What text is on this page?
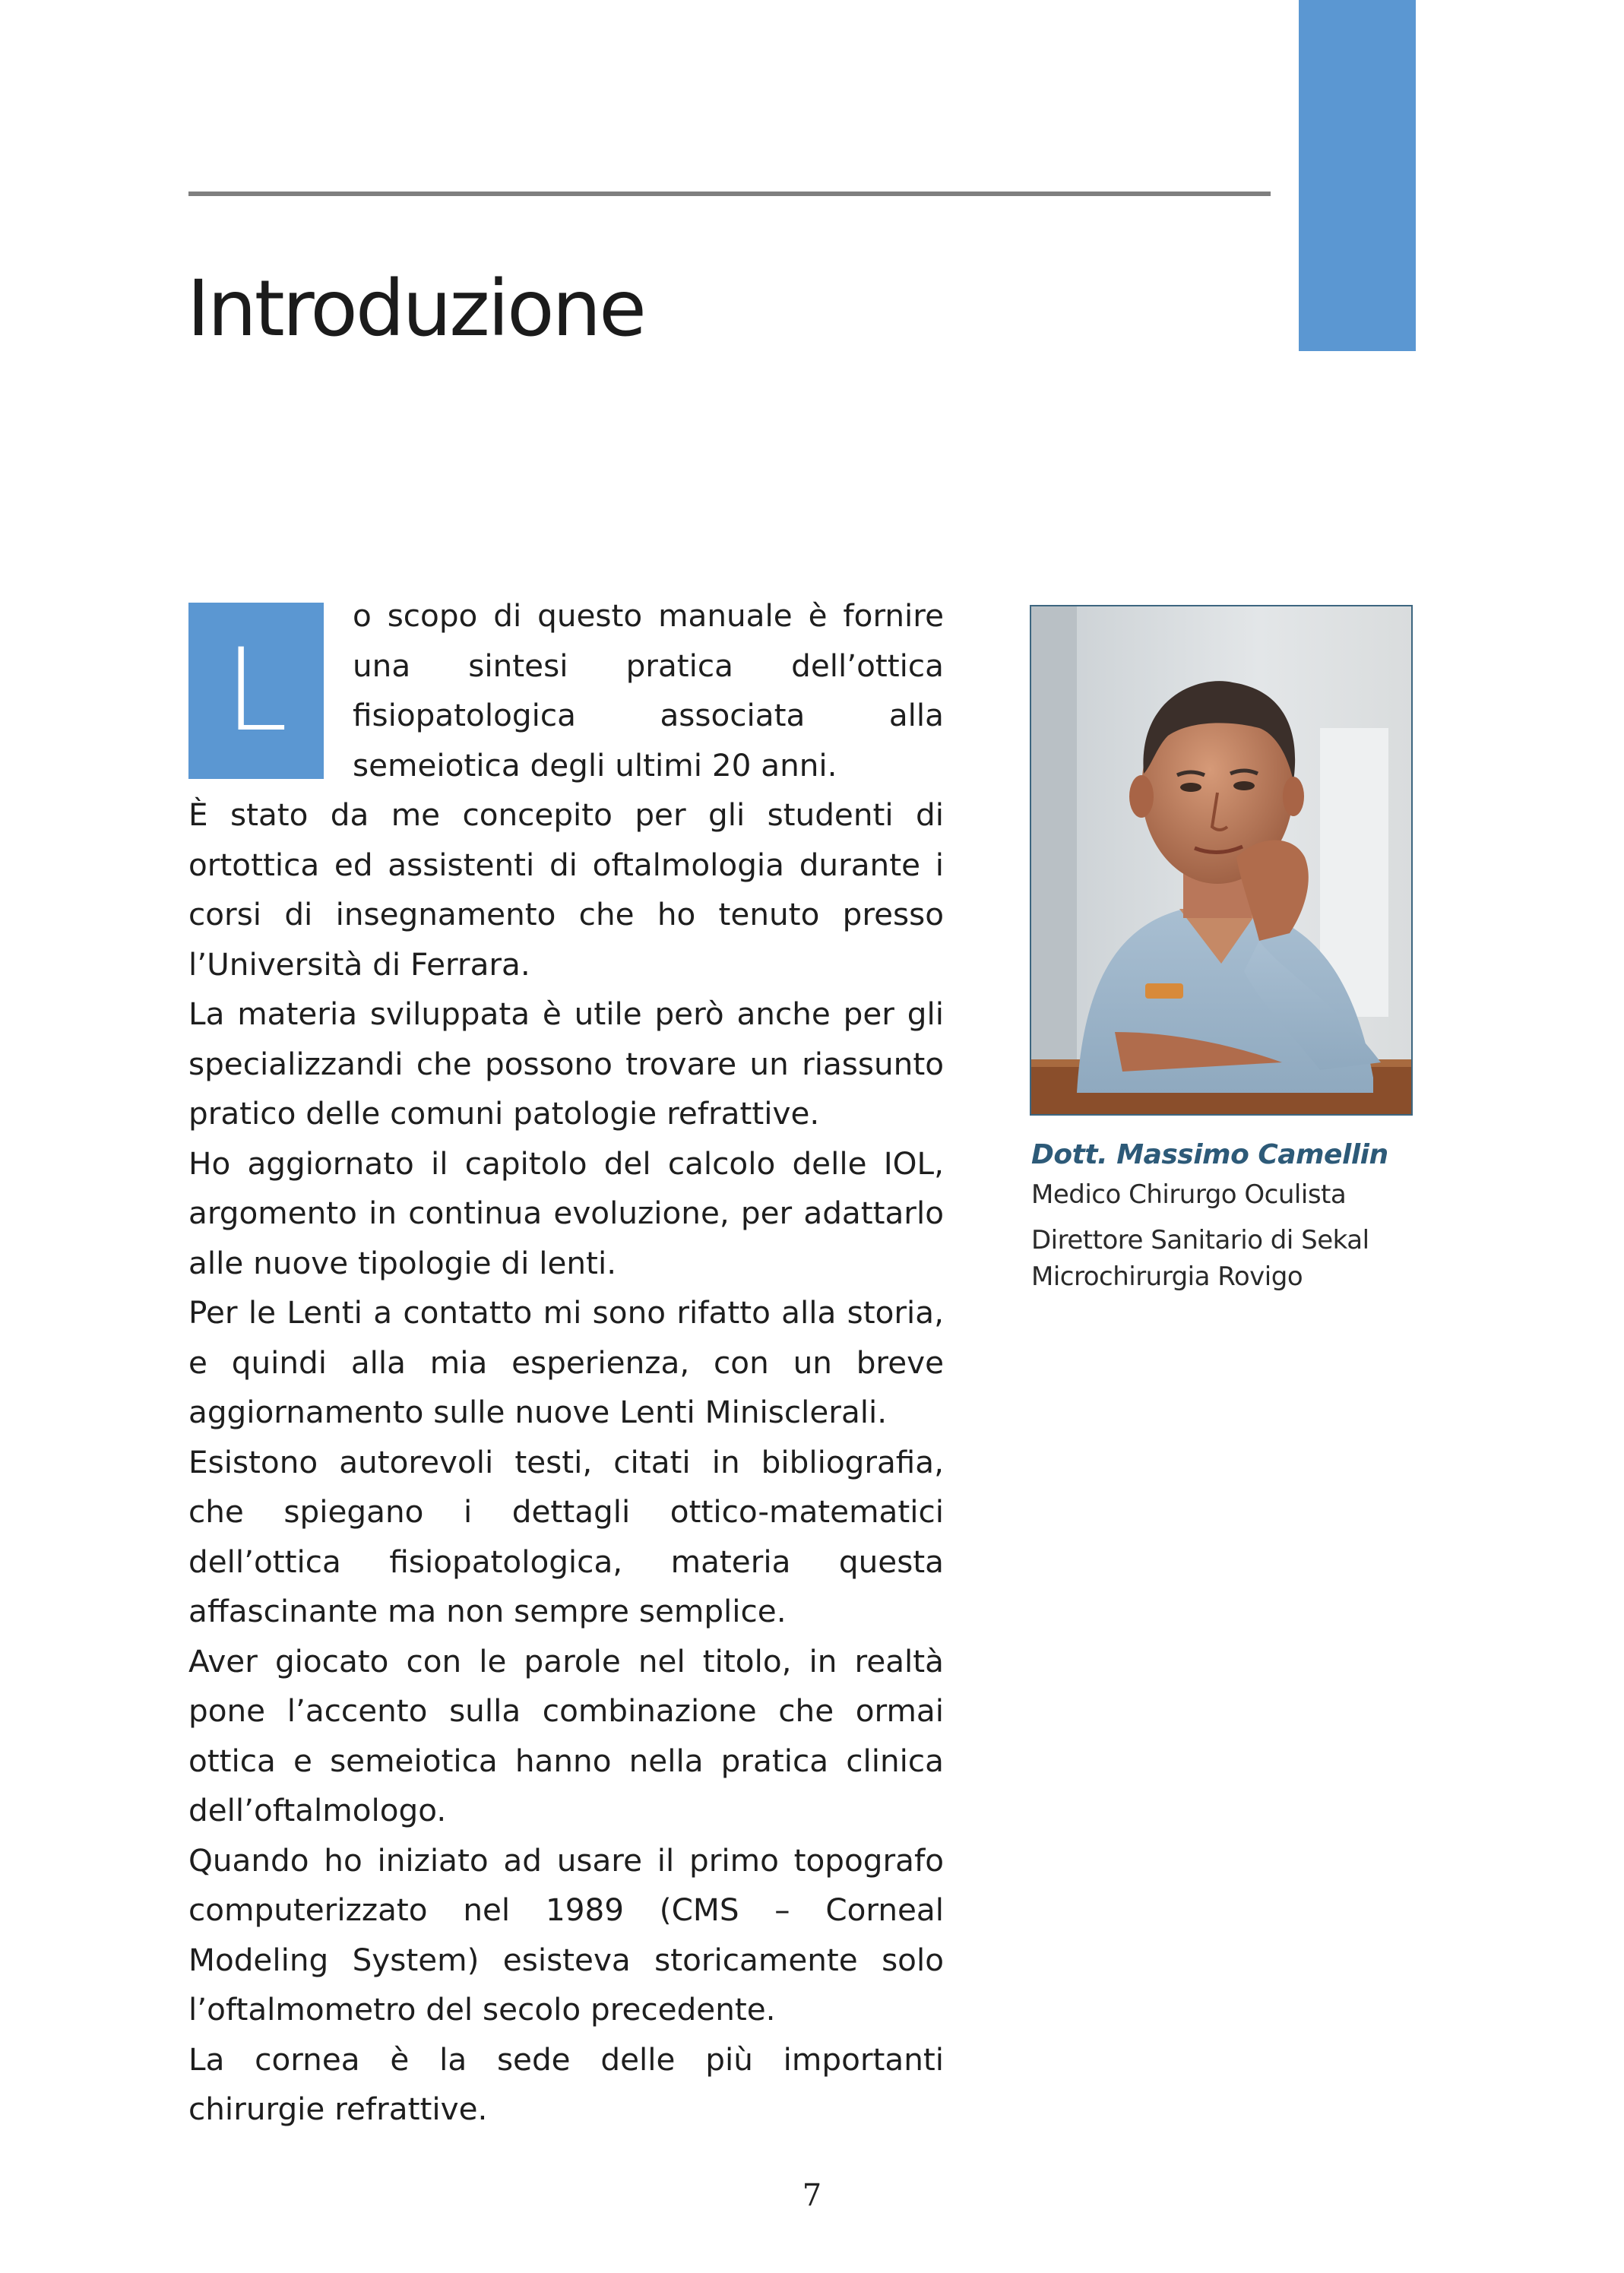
Introduzione

L
o scopo di questo manuale è fornire una sintesi pratica dell’ottica fisiopatologica associata alla semeiotica degli ultimi 20 anni.

È stato da me concepito per gli studenti di ortottica ed assistenti di oftalmologia durante i corsi di insegnamento che ho tenuto presso l’Università di Ferrara.

La materia sviluppata è utile però anche per gli specializzandi che possono trovare un riassunto pratico delle comuni patologie refrattive.

Ho aggiornato il capitolo del calcolo delle IOL, argomento in continua evoluzione, per adattarlo alle nuove tipologie di lenti.

Per le Lenti a contatto mi sono rifatto alla storia, e quindi alla mia esperienza, con un breve aggiornamento sulle nuove Lenti Minisclerali.

Esistono autorevoli testi, citati in bibliografia, che spiegano i dettagli ottico-matematici dell’ottica fisiopatologica, materia questa affascinante ma non sempre semplice.

Aver giocato con le parole nel titolo, in realtà pone l’accento sulla combinazione che ormai ottica e semeiotica hanno nella pratica clinica dell’oftalmologo.

Quando ho iniziato ad usare il primo topografo computerizzato nel 1989 (CMS – Corneal Modeling System) esisteva storicamente solo l’oftalmometro del secolo precedente.

La cornea è la sede delle più importanti chirurgie refrattive.

Dott. Massimo Camellin
Medico Chirurgo Oculista
Direttore Sanitario di Sekal
Microchirurgia Rovigo
7
